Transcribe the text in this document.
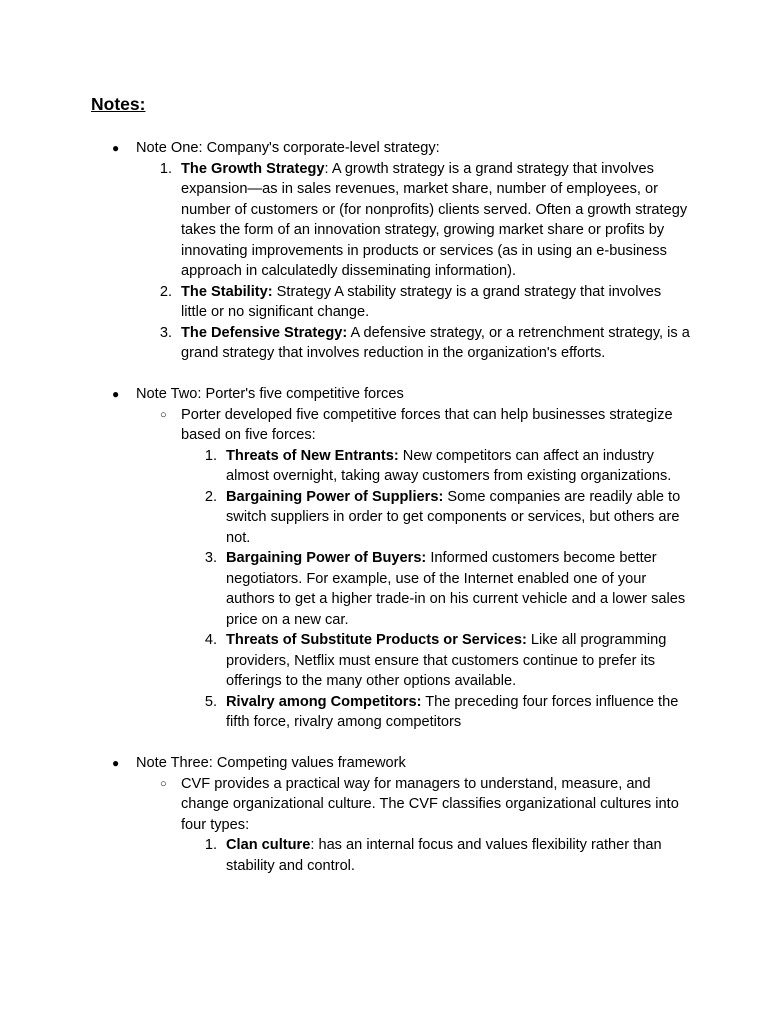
Notes:
● Note One: Company's corporate-level strategy:
1. The Growth Strategy: A growth strategy is a grand strategy that involves expansion—as in sales revenues, market share, number of employees, or number of customers or (for nonprofits) clients served. Often a growth strategy takes the form of an innovation strategy, growing market share or profits by innovating improvements in products or services (as in using an e-business approach in calculatedly disseminating information).
2. The Stability: Strategy A stability strategy is a grand strategy that involves little or no significant change.
3. The Defensive Strategy: A defensive strategy, or a retrenchment strategy, is a grand strategy that involves reduction in the organization's efforts.
● Note Two: Porter's five competitive forces
○ Porter developed five competitive forces that can help businesses strategize based on five forces:
1. Threats of New Entrants: New competitors can affect an industry almost overnight, taking away customers from existing organizations.
2. Bargaining Power of Suppliers: Some companies are readily able to switch suppliers in order to get components or services, but others are not.
3. Bargaining Power of Buyers: Informed customers become better negotiators. For example, use of the Internet enabled one of your authors to get a higher trade-in on his current vehicle and a lower sales price on a new car.
4. Threats of Substitute Products or Services: Like all programming providers, Netflix must ensure that customers continue to prefer its offerings to the many other options available.
5. Rivalry among Competitors: The preceding four forces influence the fifth force, rivalry among competitors
● Note Three: Competing values framework
○ CVF provides a practical way for managers to understand, measure, and change organizational culture. The CVF classifies organizational cultures into four types:
1. Clan culture: has an internal focus and values flexibility rather than stability and control.
